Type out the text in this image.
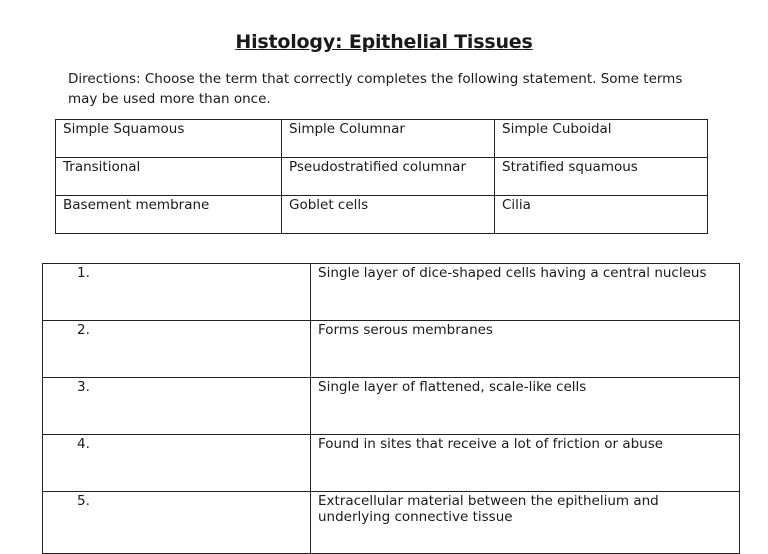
Histology: Epithelial Tissues
Directions: Choose the term that correctly completes the following statement. Some terms may be used more than once.
Simple Squamous	Simple Columnar	Simple Cuboidal
Transitional	Pseudostratified columnar	Stratified squamous
Basement membrane	Goblet cells	Cilia
1.	Single layer of dice-shaped cells having a central nucleus
2.	Forms serous membranes
3.	Single layer of flattened, scale-like cells
4.	Found in sites that receive a lot of friction or abuse
5.	Extracellular material between the epithelium and underlying connective tissue
